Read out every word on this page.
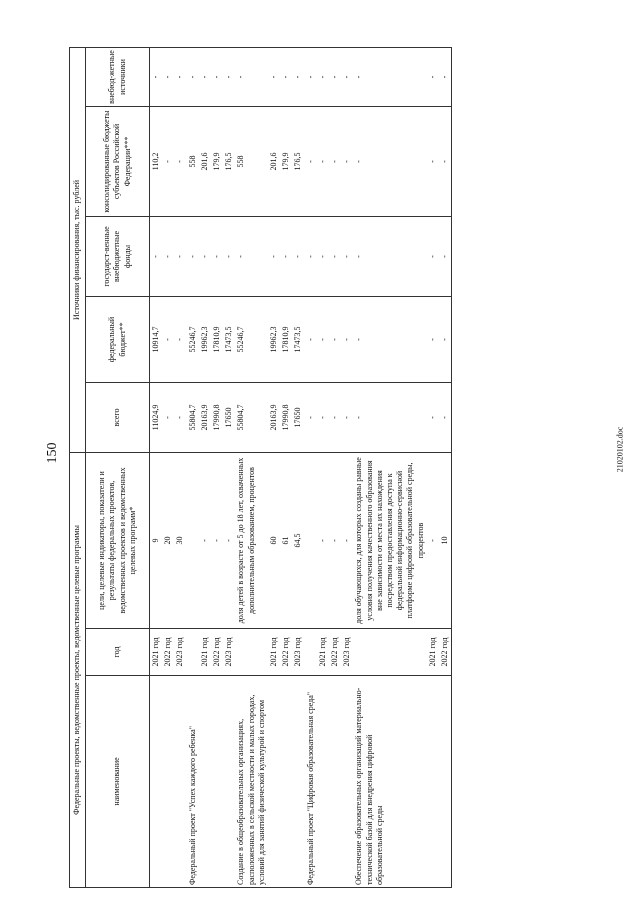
150	21020102.doc
Федеральные проекты, ведомственные проекты, ведомственные целевые программы			Источники финансирования, тыс. рублей				
наименование	год	цели, целевые индикаторы, показатели и результаты федеральных проектов, ведомственных проектов и ведомственных целевых программ*	всего	федеральный бюджет**	государст-венные внебюджетные фонды	консолидированные бюджеты субъектов Российской Федерации***	внебюд-жетные источники
	2021 год	9	11024,9	10914,7	-	110,2	-
	2022 год	20	-	-	-	-	-
	2023 год	30	-	-	-	-	-
Федеральный проект "Успех каждого ребенка"			55804,7	55246,7	-	558	-
	2021 год	-	20163,9	19962,3	-	201,6	-
	2022 год	-	17990,8	17810,9	-	179,9	-
	2023 год	-	17650	17473,5	-	176,5	-
Создание в общеобразовательных организациях, расположенных в сельской местности и малых городах, условий для занятий физической культурой и спортом		доля детей в возрасте от 5 до 18 лет, охваченных дополнительным образованием, процентов	55804,7	55246,7	-	558	-
	2021 год	60	20163,9	19962,3	-	201,6	-
	2022 год	61	17990,8	17810,9	-	179,9	-
	2023 год	64,5	17650	17473,5	-	176,5	-
Федеральный проект "Цифровая образовательная среда"			-	-	-	-	-
	2021 год	-	-	-	-	-	-
	2022 год	-	-	-	-	-	-
	2023 год	-	-	-	-	-	-
Обеспечение образовательных организаций материально-технической базой для внедрения цифровой образовательной среды		доля обучающихся, для которых созданы равные условия получения качественного образования вне зависимости от места их нахождения посредством предоставления доступа к федеральной информационно-сервисной платформе цифровой образовательной среды, процентов	-	-	-	-	-
	2021 год	-	-	-	-	-	-
	2022 год	10	-	-	-	-	-
